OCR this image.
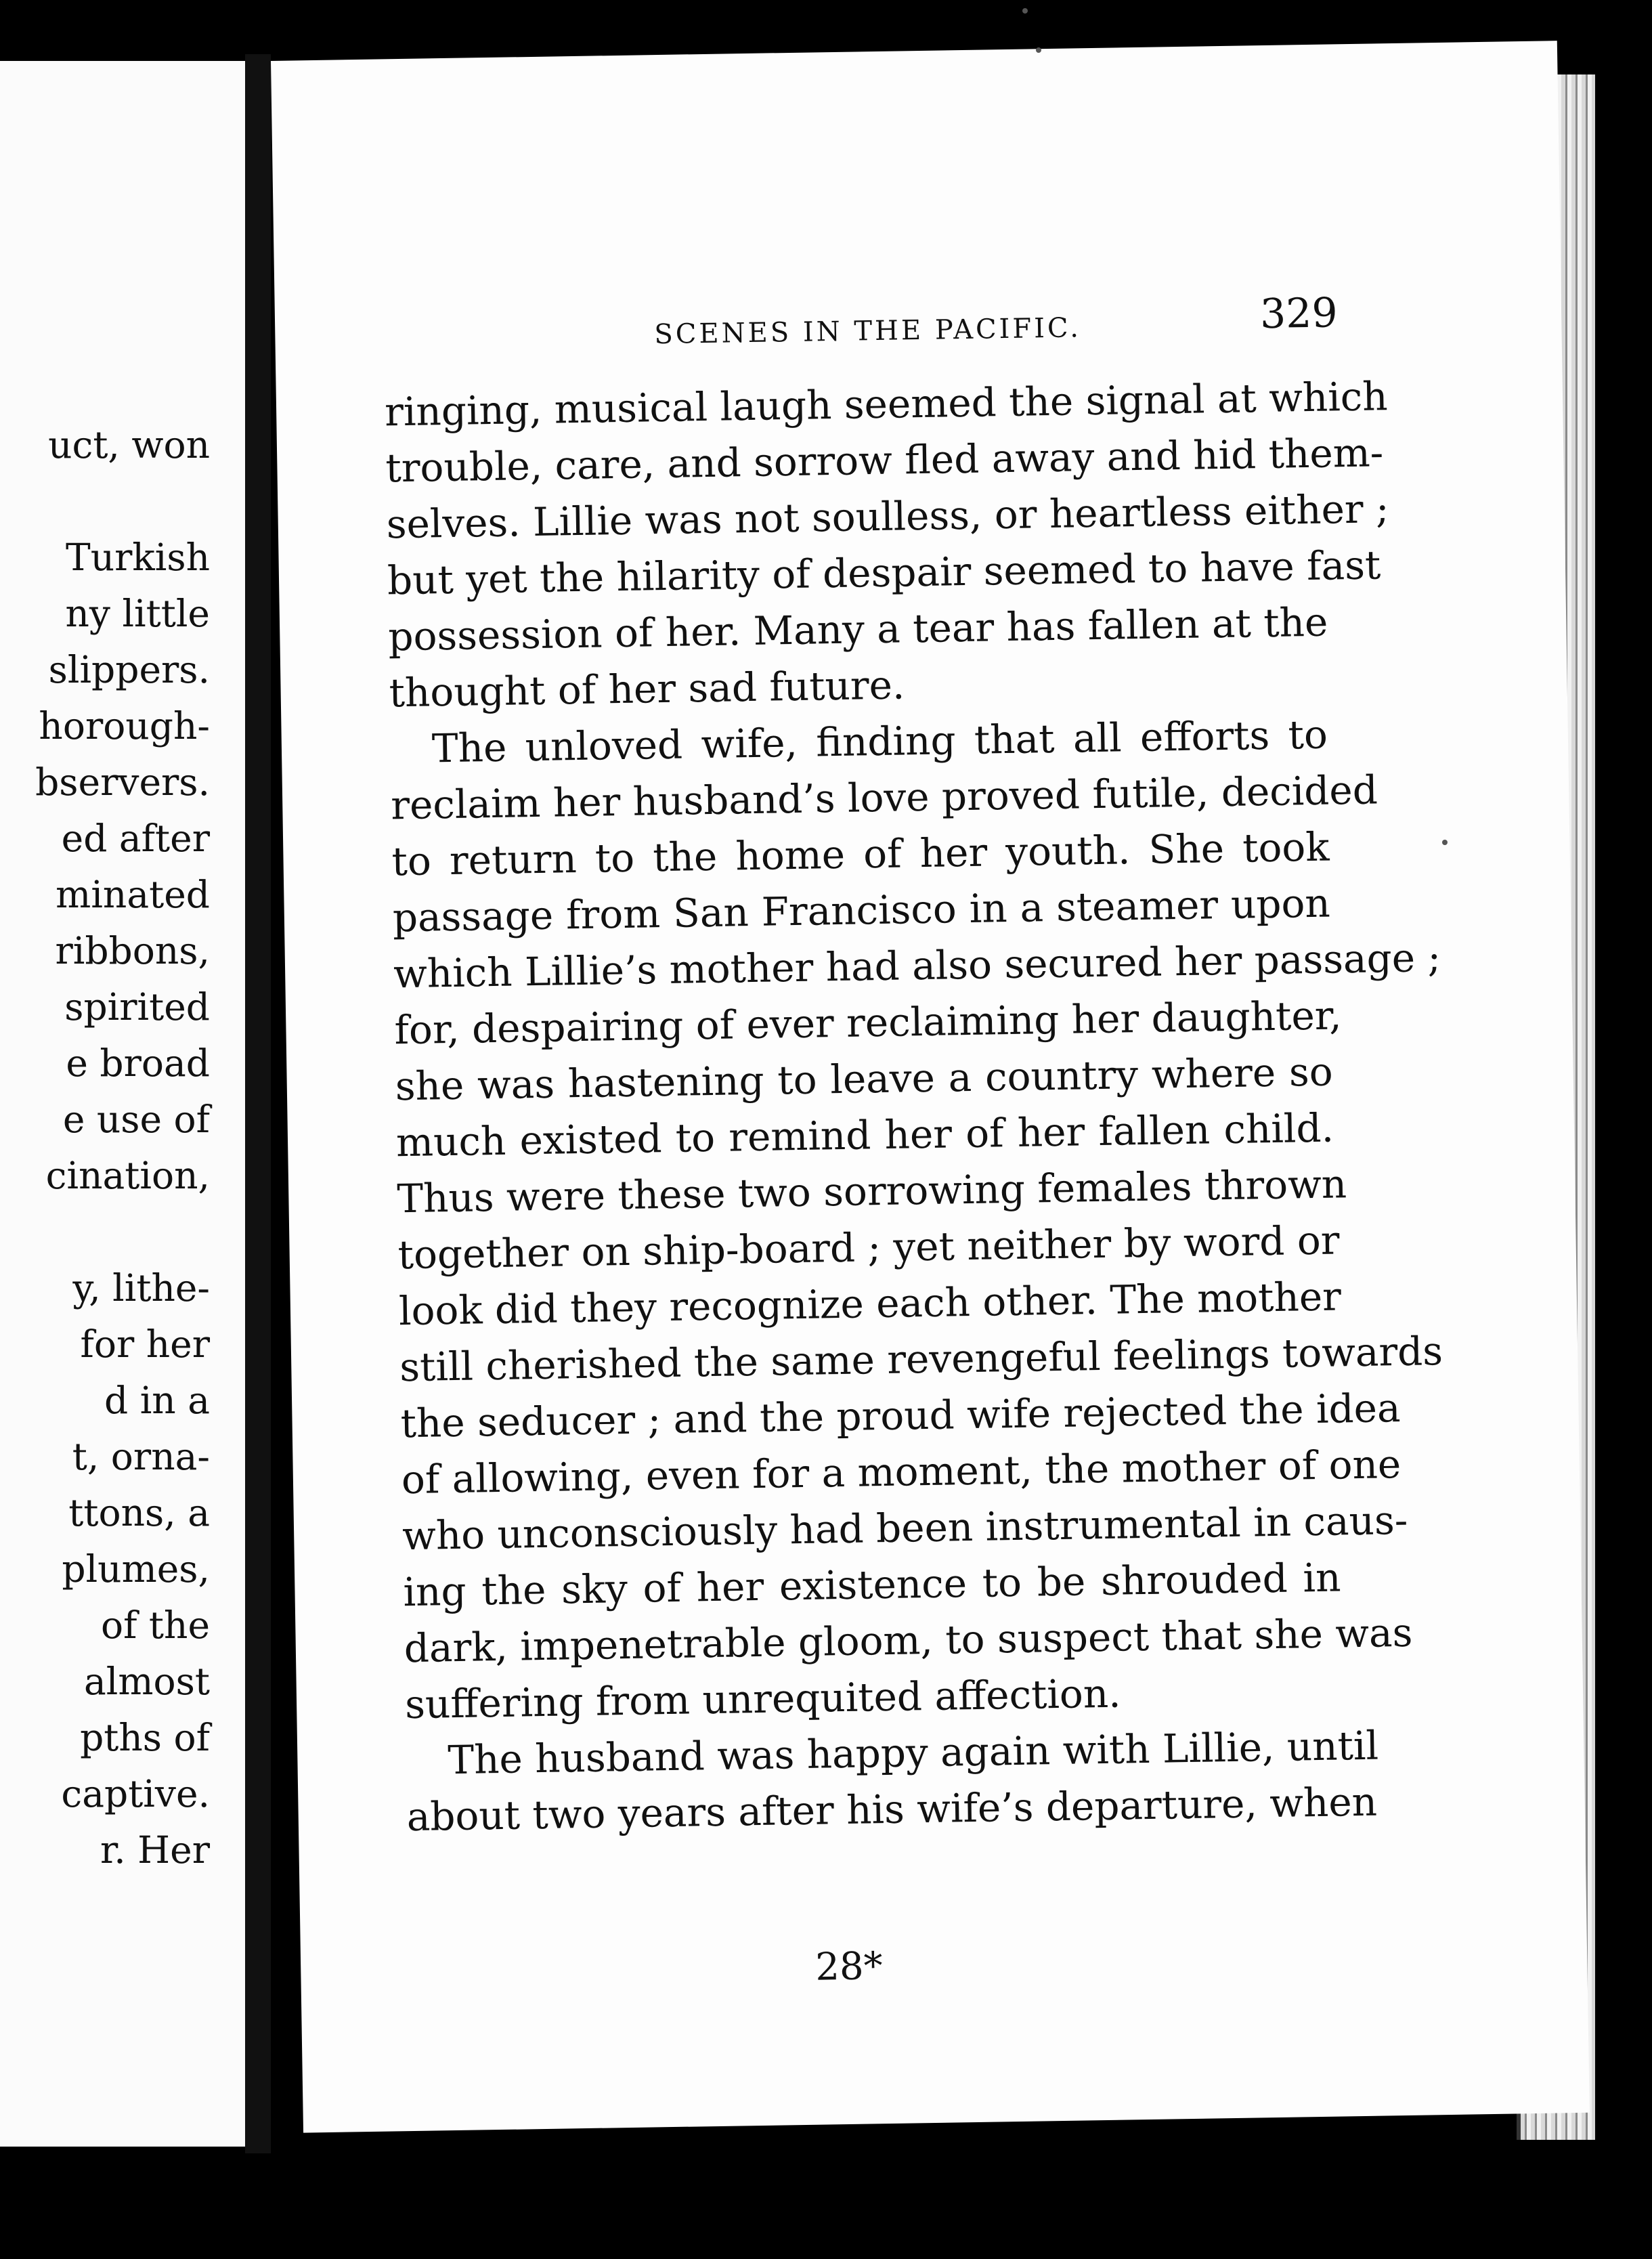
uct, won
Turkish
ny little
slippers.
horough-
bservers.
ed after
minated
ribbons,
spirited
e broad
e use of
cination,
y, lithe-
for her
d in a
t, orna-
ttons, a
plumes,
of the
almost
pths of
captive.
r. Her
SCENES IN THE PACIFIC.	329
ringing, musical laugh seemed the signal at which
trouble, care, and sorrow fled away and hid them-
selves. Lillie was not soulless, or heartless either ;
but yet the hilarity of despair seemed to have fast
possession of her. Many a tear has fallen at the
thought of her sad future.
The unloved wife, finding that all efforts to
reclaim her husband’s love proved futile, decided
to return to the home of her youth. She took
passage from San Francisco in a steamer upon
which Lillie’s mother had also secured her passage ;
for, despairing of ever reclaiming her daughter,
she was hastening to leave a country where so
much existed to remind her of her fallen child.
Thus were these two sorrowing females thrown
together on ship-board ; yet neither by word or
look did they recognize each other. The mother
still cherished the same revengeful feelings towards
the seducer ; and the proud wife rejected the idea
of allowing, even for a moment, the mother of one
who unconsciously had been instrumental in caus-
ing the sky of her existence to be shrouded in
dark, impenetrable gloom, to suspect that she was
suffering from unrequited affection.
The husband was happy again with Lillie, until
about two years after his wife’s departure, when
28*
